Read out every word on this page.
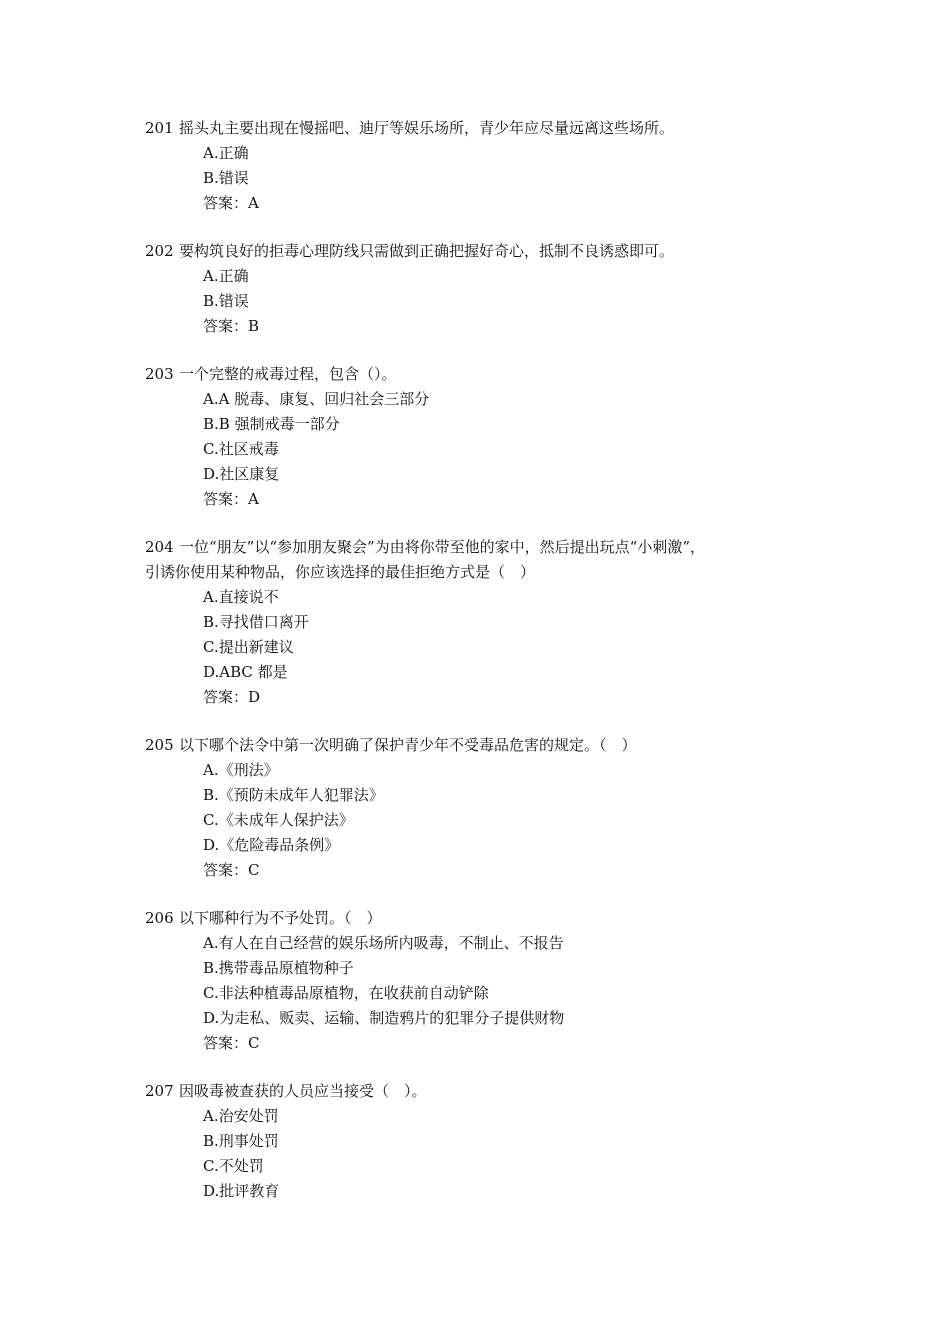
201 摇头丸主要出现在慢摇吧、迪厅等娱乐场所，青少年应尽量远离这些场所。
A.正确
B.错误
答案：A
202 要构筑良好的拒毒心理防线只需做到正确把握好奇心，抵制不良诱惑即可。
A.正确
B.错误
答案：B
203 一个完整的戒毒过程，包含（）。
A.A 脱毒、康复、回归社会三部分
B.B 强制戒毒一部分
C.社区戒毒
D.社区康复
答案：A
204 一位“朋友”以“参加朋友聚会”为由将你带至他的家中，然后提出玩点“小刺激”，
引诱你使用某种物品，你应该选择的最佳拒绝方式是（　）
A.直接说不
B.寻找借口离开
C.提出新建议
D.ABC 都是
答案：D
205 以下哪个法令中第一次明确了保护青少年不受毒品危害的规定。（　）
A.《刑法》
B.《预防未成年人犯罪法》
C.《未成年人保护法》
D.《危险毒品条例》
答案：C
206 以下哪种行为不予处罚。（　）
A.有人在自己经营的娱乐场所内吸毒，不制止、不报告
B.携带毒品原植物种子
C.非法种植毒品原植物，在收获前自动铲除
D.为走私、贩卖、运输、制造鸦片的犯罪分子提供财物
答案：C
207 因吸毒被查获的人员应当接受（　）。
A.治安处罚
B.刑事处罚
C.不处罚
D.批评教育
